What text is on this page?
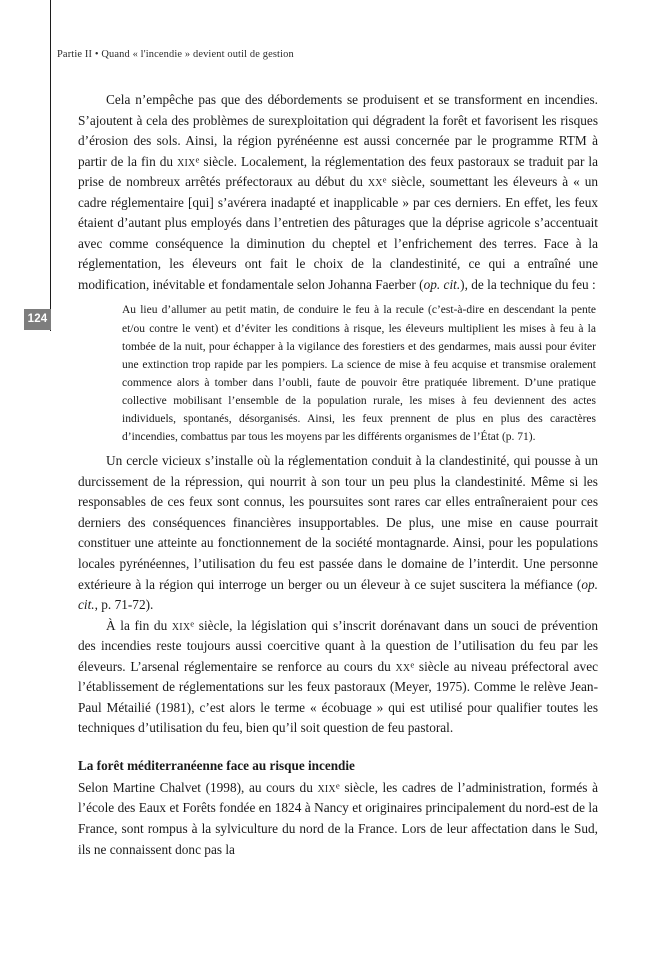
Partie II • Quand « l'incendie » devient outil de gestion
124

Cela n’empêche pas que des débordements se produisent et se transforment en incendies. S’ajoutent à cela des problèmes de surexploitation qui dégradent la forêt et favorisent les risques d’érosion des sols. Ainsi, la région pyrénéenne est aussi concernée par le programme RTM à partir de la fin du xix$^e$ siècle. Localement, la réglementation des feux pastoraux se traduit par la prise de nombreux arrêtés préfectoraux au début du $xx^e$ siècle, soumettant les éleveurs à « un cadre réglementaire [qui] s’avérera inadapté et inapplicable » par ces derniers. En effet, les feux étaient d’autant plus employés dans l’entretien des pâturages que la déprise agricole s’accentuait avec comme conséquence la diminution du cheptel et l’enfrichement des terres. Face à la réglementation, les éleveurs ont fait le choix de la clandestinité, ce qui a entraîné une modification, inévitable et fondamentale selon Johanna Faerber (op. cit.), de la technique du feu :

Au lieu d’allumer au petit matin, de conduire le feu à la recule (c’est-à-dire en descendant la pente et/ou contre le vent) et d’éviter les conditions à risque, les éleveurs multiplient les mises à feu à la tombée de la nuit, pour échapper à la vigilance des forestiers et des gendarmes, mais aussi pour éviter une extinction trop rapide par les pompiers. La science de mise à feu acquise et transmise oralement commence alors à tomber dans l’oubli, faute de pouvoir être pratiquée librement. D’une pratique collective mobilisant l’ensemble de la population rurale, les mises à feu deviennent des actes individuels, spontanés, désorganisés. Ainsi, les feux prennent de plus en plus des caractères d’incendies, combattus par tous les moyens par les différents organismes de l’État (p. 71).

Un cercle vicieux s’installe où la réglementation conduit à la clandestinité, qui pousse à un durcissement de la répression, qui nourrit à son tour un peu plus la clandestinité. Même si les responsables de ces feux sont connus, les poursuites sont rares car elles entraîneraient pour ces derniers des conséquences financières insupportables. De plus, une mise en cause pourrait constituer une atteinte au fonctionnement de la société montagnarde. Ainsi, pour les populations locales pyrénéennes, l’utilisation du feu est passée dans le domaine de l’interdit. Une personne extérieure à la région qui interroge un berger ou un éleveur à ce sujet suscitera la méfiance (op. cit., p. 71-72).

À la fin du xix$^e$ siècle, la législation qui s’inscrit dorénavant dans un souci de prévention des incendies reste toujours aussi coercitive quant à la question de l’utilisation du feu par les éleveurs. L’arsenal réglementaire se renforce au cours du $xx^e$ siècle au niveau préfectoral avec l’établissement de réglementations sur les feux pastoraux (Meyer, 1975). Comme le relève Jean-Paul Métailié (1981), c’est alors le terme « écobuage » qui est utilisé pour qualifier toutes les techniques d’utilisation du feu, bien qu’il soit question de feu pastoral.

La forêt méditerranéenne face au risque incendie

Selon Martine Chalvet (1998), au cours du xix$^e$ siècle, les cadres de l’administration, formés à l’école des Eaux et Forêts fondée en 1824 à Nancy et originaires principalement du nord-est de la France, sont rompus à la sylviculture du nord de la France. Lors de leur affectation dans le Sud, ils ne connaissent donc pas la
